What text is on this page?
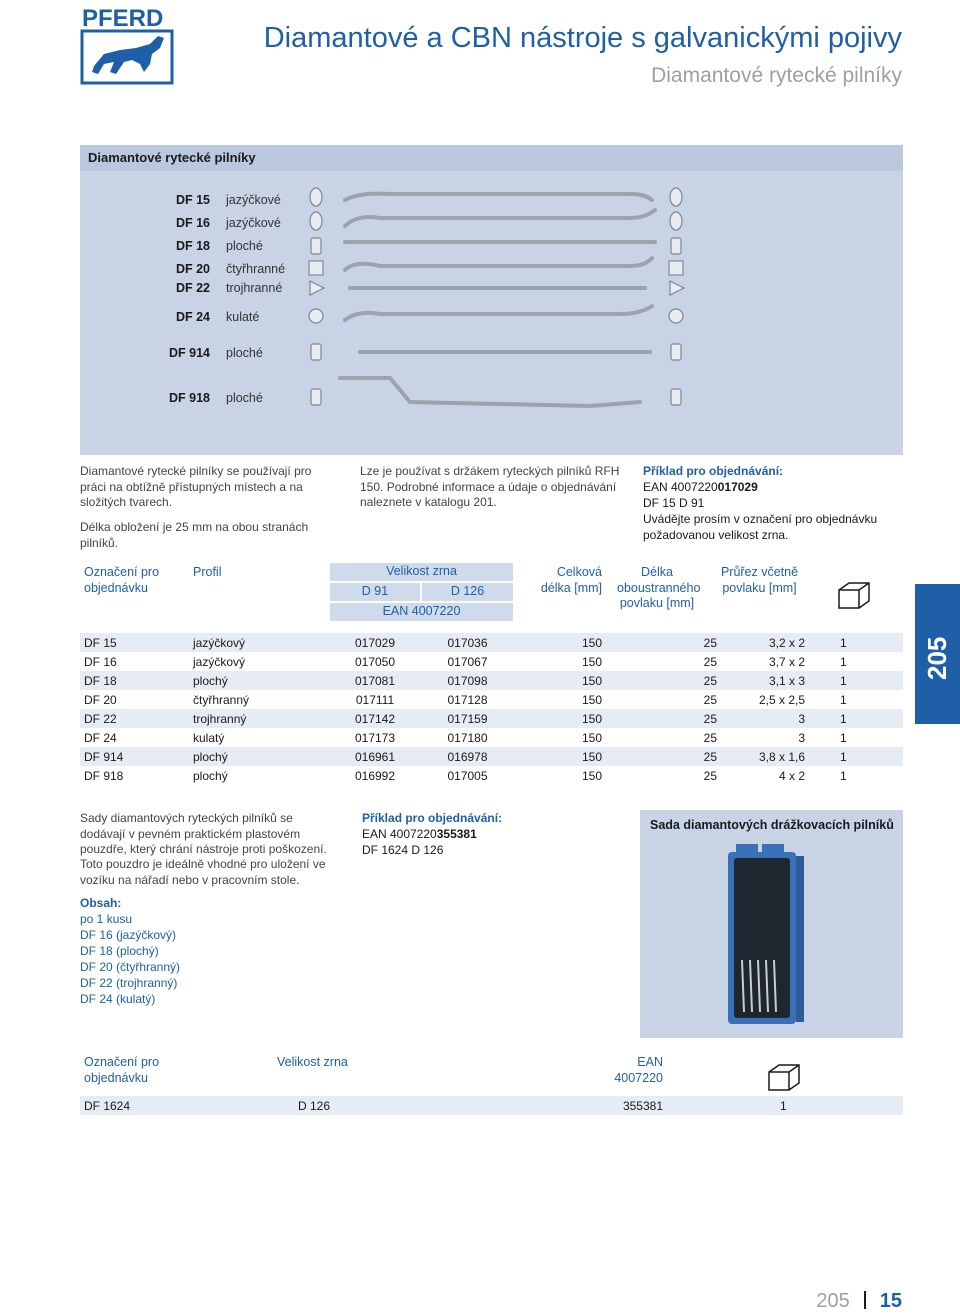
PFERD
Diamantové a CBN nástroje s galvanickými pojivy
Diamantové rytecké pilníky
Diamantové rytecké pilníky
DF 15 jazýčkové
DF 16 jazýčkové
DF 18 ploché
DF 20 čtyřhranné
DF 22 trojhranné
DF 24 kulaté
DF 914 ploché
DF 918 ploché
Diamantové rytecké pilníky se používají pro práci na obtížně přístupných místech a na složitých tvarech.
Délka obložení je 25 mm na obou stranách pilníků.
Lze je používat s držákem ryteckých pilníků RFH 150. Podrobné informace a údaje o objednávání naleznete v katalogu 201.
Příklad pro objednávání:
EAN 4007220017029
DF 15 D 91
Uvádějte prosím v označení pro objednávku požadovanou velikost zrna.
Označení pro objednávku
Profil	Velikost zrna
D 91	D 126
EAN 4007220
Celková délka [mm]
Délka oboustranného povlaku [mm]
Průřez včetně povlaku [mm]
DF 15	jazýčkový	017029	017036	150	25	3,2 x 2	1
DF 16	jazýčkový	017050	017067	150	25	3,7 x 2	1
DF 18	plochý	017081	017098	150	25	3,1 x 3	1
DF 20	čtyřhranný	017111	017128	150	25	2,5 x 2,5	1
DF 22	trojhranný	017142	017159	150	25	3	1
DF 24	kulatý	017173	017180	150	25	3	1
DF 914	plochý	016961	016978	150	25	3,8 x 1,6	1
DF 918	plochý	016992	017005	150	25	4 x 2	1
205
Sady diamantových ryteckých pilníků se dodávají v pevném praktickém plastovém pouzdře, který chrání nástroje proti poškození.
Toto pouzdro je ideálně vhodné pro uložení ve vozíku na nářadí nebo v pracovním stole.
Obsah:
po 1 kusu
DF 16 (jazýčkový)
DF 18 (plochý)
DF 20 (čtyřhranný)
DF 22 (trojhranný)
DF 24 (kulatý)
Příklad pro objednávání:
EAN 4007220355381
DF 1624 D 126
Sada diamantových drážkovacích pilníků
Označení pro objednávku
Velikost zrna	EAN 4007220
DF 1624	D 126	355381	1
205 15
